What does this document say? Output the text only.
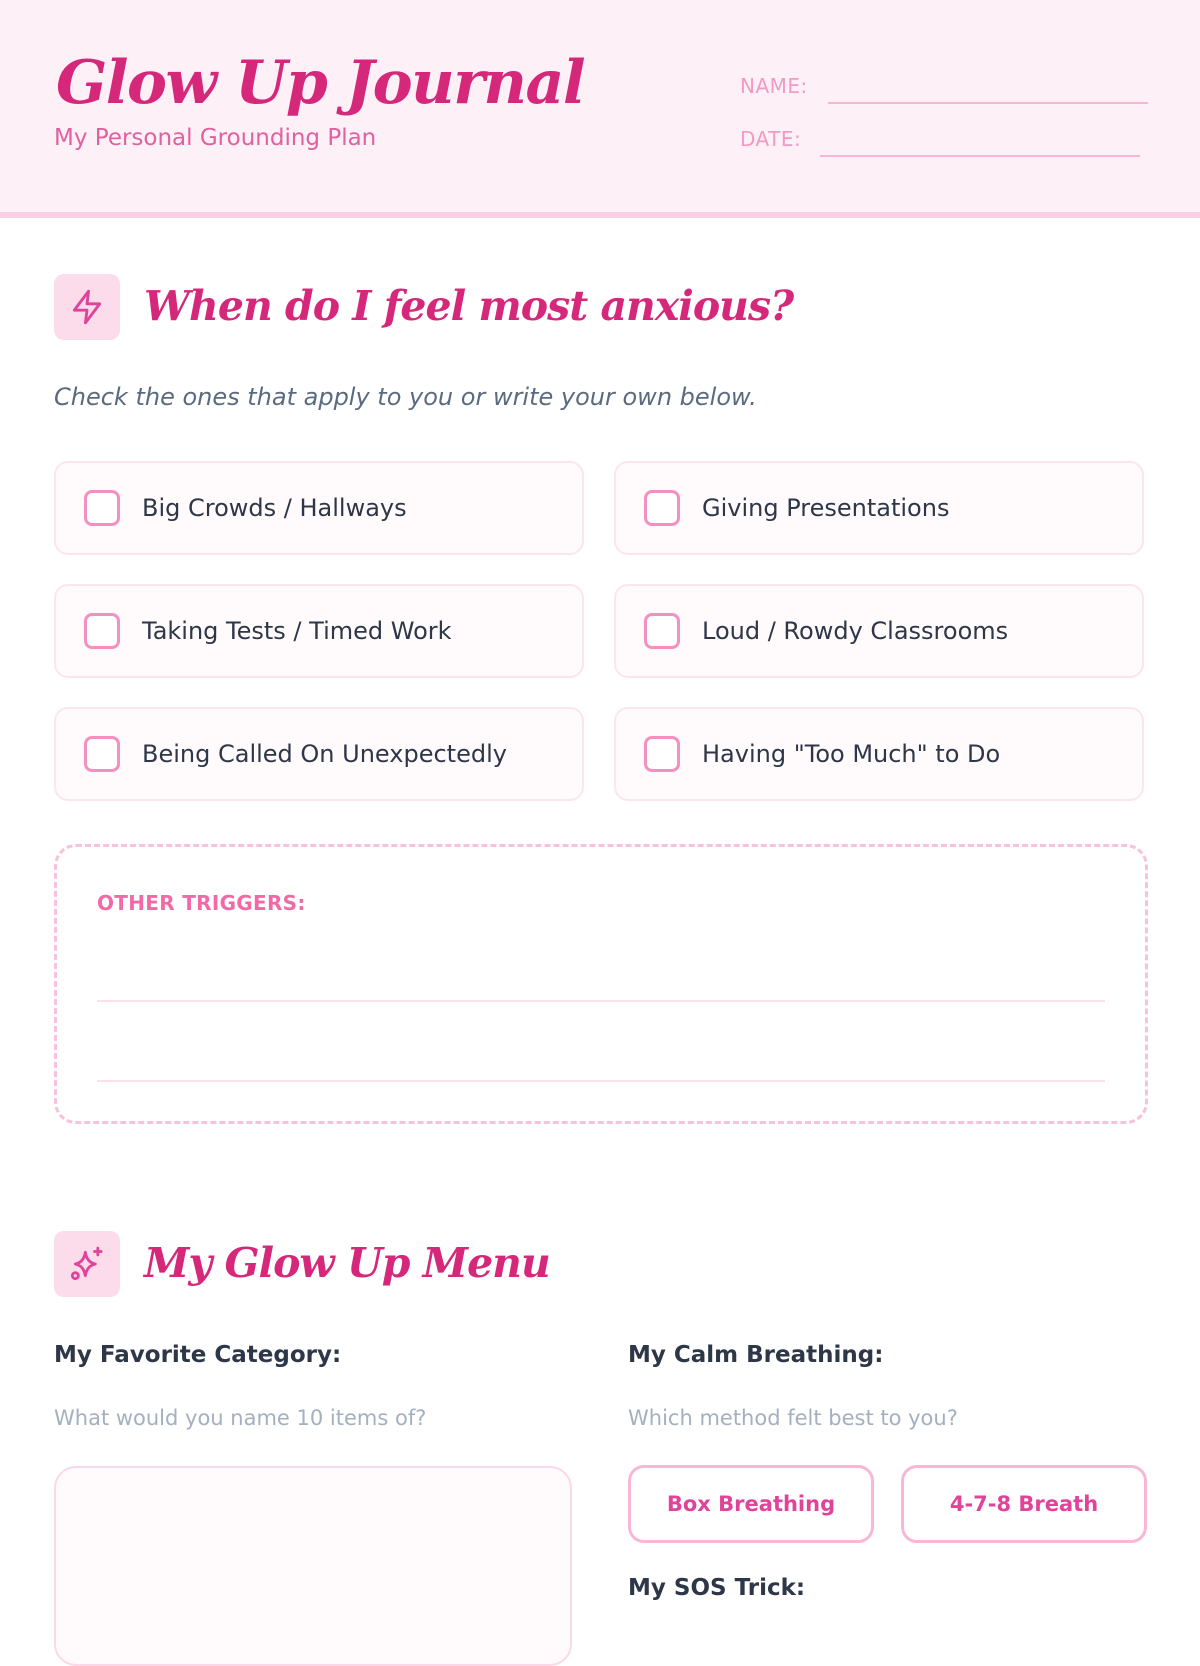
Glow Up Journal
My Personal Grounding Plan
NAME:
DATE:
When do I feel most anxious?
Check the ones that apply to you or write your own below.
Big Crowds / Hallways	Giving Presentations
Taking Tests / Timed Work	Loud / Rowdy Classrooms
Being Called On Unexpectedly	Having "Too Much" to Do
OTHER TRIGGERS:
My Glow Up Menu
My Favorite Category:
What would you name 10 items of?
My Calm Breathing:
Which method felt best to you?
Box Breathing	4-7-8 Breath
My SOS Trick:
